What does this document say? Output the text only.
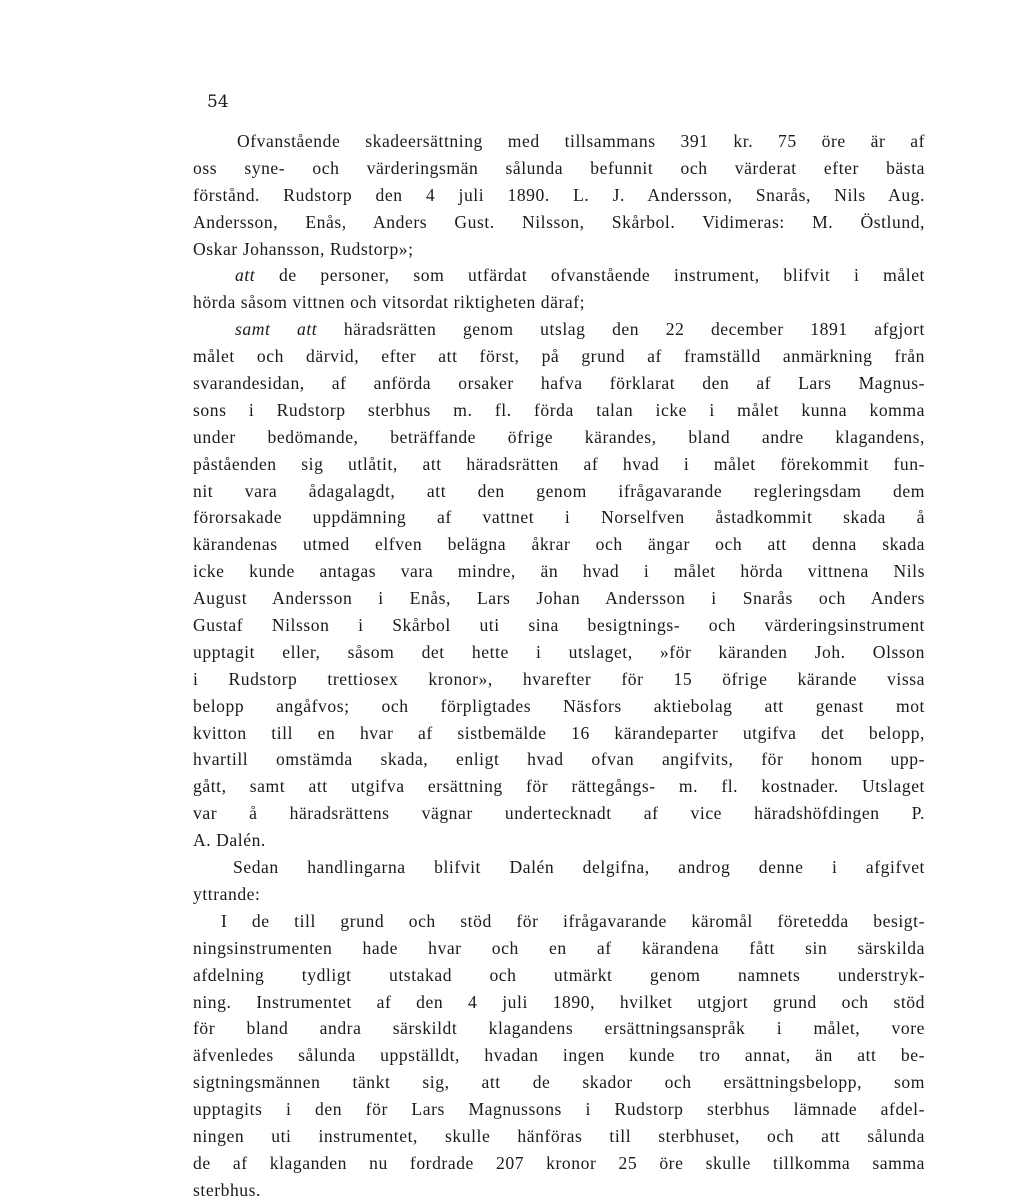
54
Ofvanstående skadeersättning med tillsammans 391 kr. 75 öre är af
oss syne- och värderingsmän sålunda befunnit och värderat efter bästa
förstånd. Rudstorp den 4 juli 1890. L. J. Andersson, Snarås, Nils Aug.
Andersson, Enås, Anders Gust. Nilsson, Skårbol. Vidimeras: M. Östlund,
Oskar Johansson, Rudstorp»;
att de personer, som utfärdat ofvanstående instrument, blifvit i målet
hörda såsom vittnen och vitsordat riktigheten däraf;
samt att häradsrätten genom utslag den 22 december 1891 afgjort
målet och därvid, efter att först, på grund af framställd anmärkning från
svarandesidan, af anförda orsaker hafva förklarat den af Lars Magnus-
sons i Rudstorp sterbhus m. fl. förda talan icke i målet kunna komma
under bedömande, beträffande öfrige kärandes, bland andre klagandens,
påståenden sig utlåtit, att häradsrätten af hvad i målet förekommit fun-
nit vara ådagalagdt, att den genom ifrågavarande regleringsdam dem
förorsakade uppdämning af vattnet i Norselfven åstadkommit skada å
kärandenas utmed elfven belägna åkrar och ängar och att denna skada
icke kunde antagas vara mindre, än hvad i målet hörda vittnena Nils
August Andersson i Enås, Lars Johan Andersson i Snarås och Anders
Gustaf Nilsson i Skårbol uti sina besigtnings- och värderingsinstrument
upptagit eller, såsom det hette i utslaget, »för käranden Joh. Olsson
i Rudstorp trettiosex kronor», hvarefter för 15 öfrige kärande vissa
belopp angåfvos; och förpligtades Näsfors aktiebolag att genast mot
kvitton till en hvar af sistbemälde 16 kärandeparter utgifva det belopp,
hvartill omstämda skada, enligt hvad ofvan angifvits, för honom upp-
gått, samt att utgifva ersättning för rättegångs- m. fl. kostnader. Utslaget
var å häradsrättens vägnar undertecknadt af vice häradshöfdingen P.
A. Dalén.
Sedan handlingarna blifvit Dalén delgifna, androg denne i afgifvet
yttrande:
I de till grund och stöd för ifrågavarande käromål företedda besigt-
ningsinstrumenten hade hvar och en af kärandena fått sin särskilda
afdelning tydligt utstakad och utmärkt genom namnets understryk-
ning. Instrumentet af den 4 juli 1890, hvilket utgjort grund och stöd
för bland andra särskildt klagandens ersättningsanspråk i målet, vore
äfvenledes sålunda uppställdt, hvadan ingen kunde tro annat, än att be-
sigtningsmännen tänkt sig, att de skador och ersättningsbelopp, som
upptagits i den för Lars Magnussons i Rudstorp sterbhus lämnade afdel-
ningen uti instrumentet, skulle hänföras till sterbhuset, och att sålunda
de af klaganden nu fordrade 207 kronor 25 öre skulle tillkomma samma
sterbhus.
